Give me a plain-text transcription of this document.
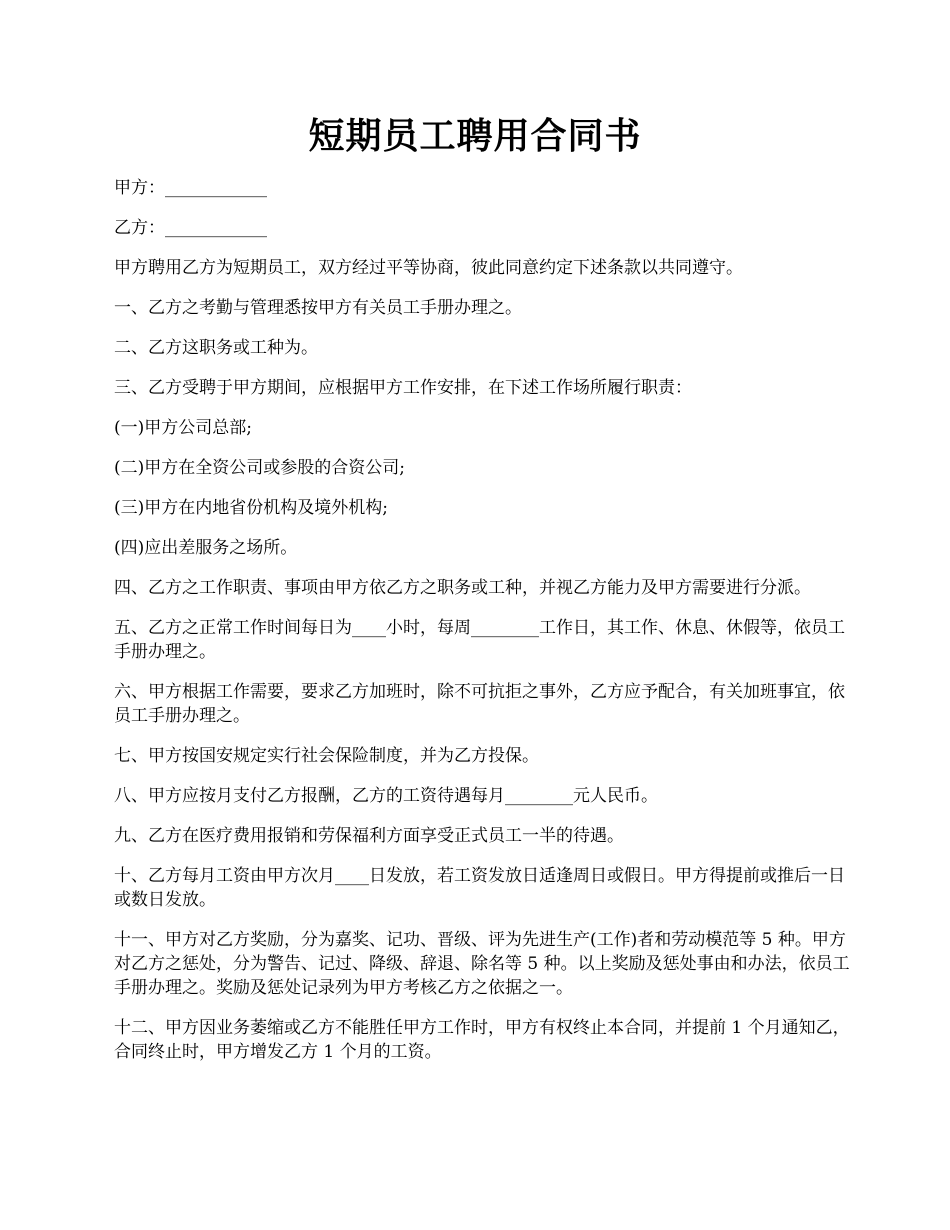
短期员工聘用合同书

甲方：____________

乙方：____________

甲方聘用乙方为短期员工，双方经过平等协商，彼此同意约定下述条款以共同遵守。

一、乙方之考勤与管理悉按甲方有关员工手册办理之。

二、乙方这职务或工种为。

三、乙方受聘于甲方期间，应根据甲方工作安排，在下述工作场所履行职责：

(一)甲方公司总部;

(二)甲方在全资公司或参股的合资公司;

(三)甲方在内地省份机构及境外机构;

(四)应出差服务之场所。

四、乙方之工作职责、事项由甲方依乙方之职务或工种，并视乙方能力及甲方需要进行分派。

五、乙方之正常工作时间每日为____小时，每周________工作日，其工作、休息、休假等，依员工手册办理之。

六、甲方根据工作需要，要求乙方加班时，除不可抗拒之事外，乙方应予配合，有关加班事宜，依员工手册办理之。

七、甲方按国安规定实行社会保险制度，并为乙方投保。

八、甲方应按月支付乙方报酬，乙方的工资待遇每月________元人民币。

九、乙方在医疗费用报销和劳保福利方面享受正式员工一半的待遇。

十、乙方每月工资由甲方次月____日发放，若工资发放日适逢周日或假日。甲方得提前或推后一日或数日发放。

十一、甲方对乙方奖励，分为嘉奖、记功、晋级、评为先进生产(工作)者和劳动模范等 5 种。甲方对乙方之惩处，分为警告、记过、降级、辞退、除名等 5 种。以上奖励及惩处事由和办法，依员工手册办理之。奖励及惩处记录列为甲方考核乙方之依据之一。

十二、甲方因业务萎缩或乙方不能胜任甲方工作时，甲方有权终止本合同，并提前 1 个月通知乙，合同终止时，甲方增发乙方 1 个月的工资。
